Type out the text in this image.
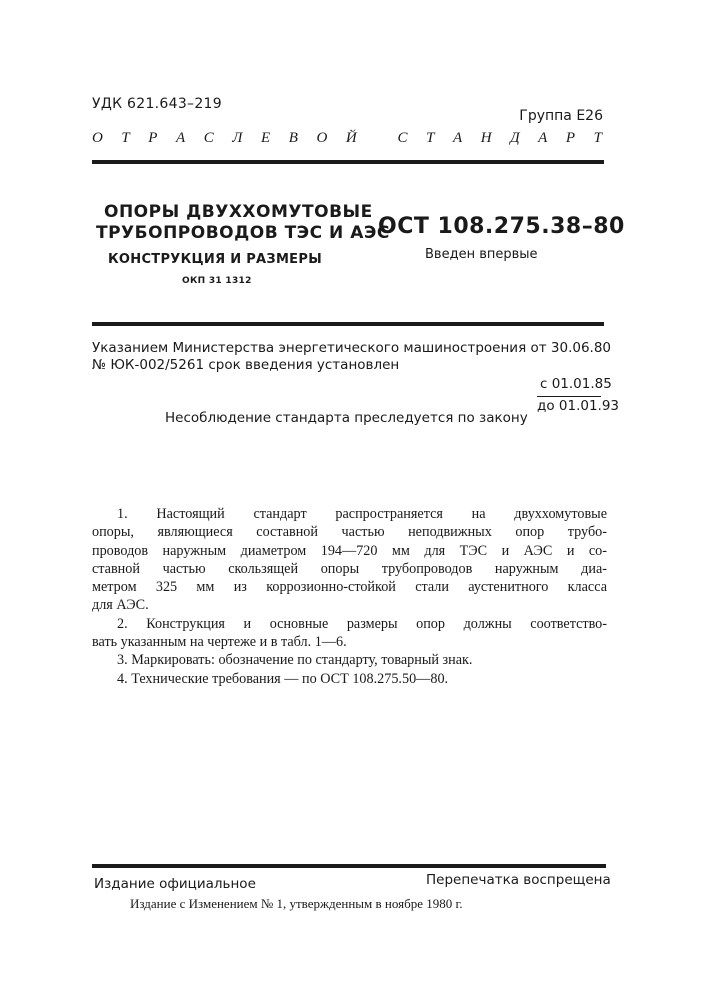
УДК 621.643–219
Группа Е26
О Т Р А С Л Е В О Й
	С Т А Н Д А Р Т
ОПОРЫ ДВУХХОМУТОВЫЕ
ТРУБОПРОВОДОВ ТЭС И АЭС
КОНСТРУКЦИЯ И РАЗМЕРЫ
ОКП 31 1312
ОСТ 108.275.38–80
Введен впервые
Указанием Министерства энергетического машиностроения от 30.06.80
№ ЮК-002/5261 срок введения установлен
с 01.01.85
до 01.01.93
Несоблюдение стандарта преследуется по закону
1. Настоящий стандарт распространяется на двуххомутовые
опоры, являющиеся составной частью неподвижных опор трубо-
проводов наружным диаметром 194—720 мм для ТЭС и АЭС и со-
ставной частью скользящей опоры трубопроводов наружным диа-
метром 325 мм из коррозионно-стойкой стали аустенитного класса
для АЭС.
2. Конструкция и основные размеры опор должны соответство-
вать указанным на чертеже и в табл. 1—6.
3. Маркировать: обозначение по стандарту, товарный знак.
4. Технические требования — по ОСТ 108.275.50—80.
Издание официальное	Перепечатка воспрещена
Издание с Изменением № 1, утвержденным в ноябре 1980 г.
